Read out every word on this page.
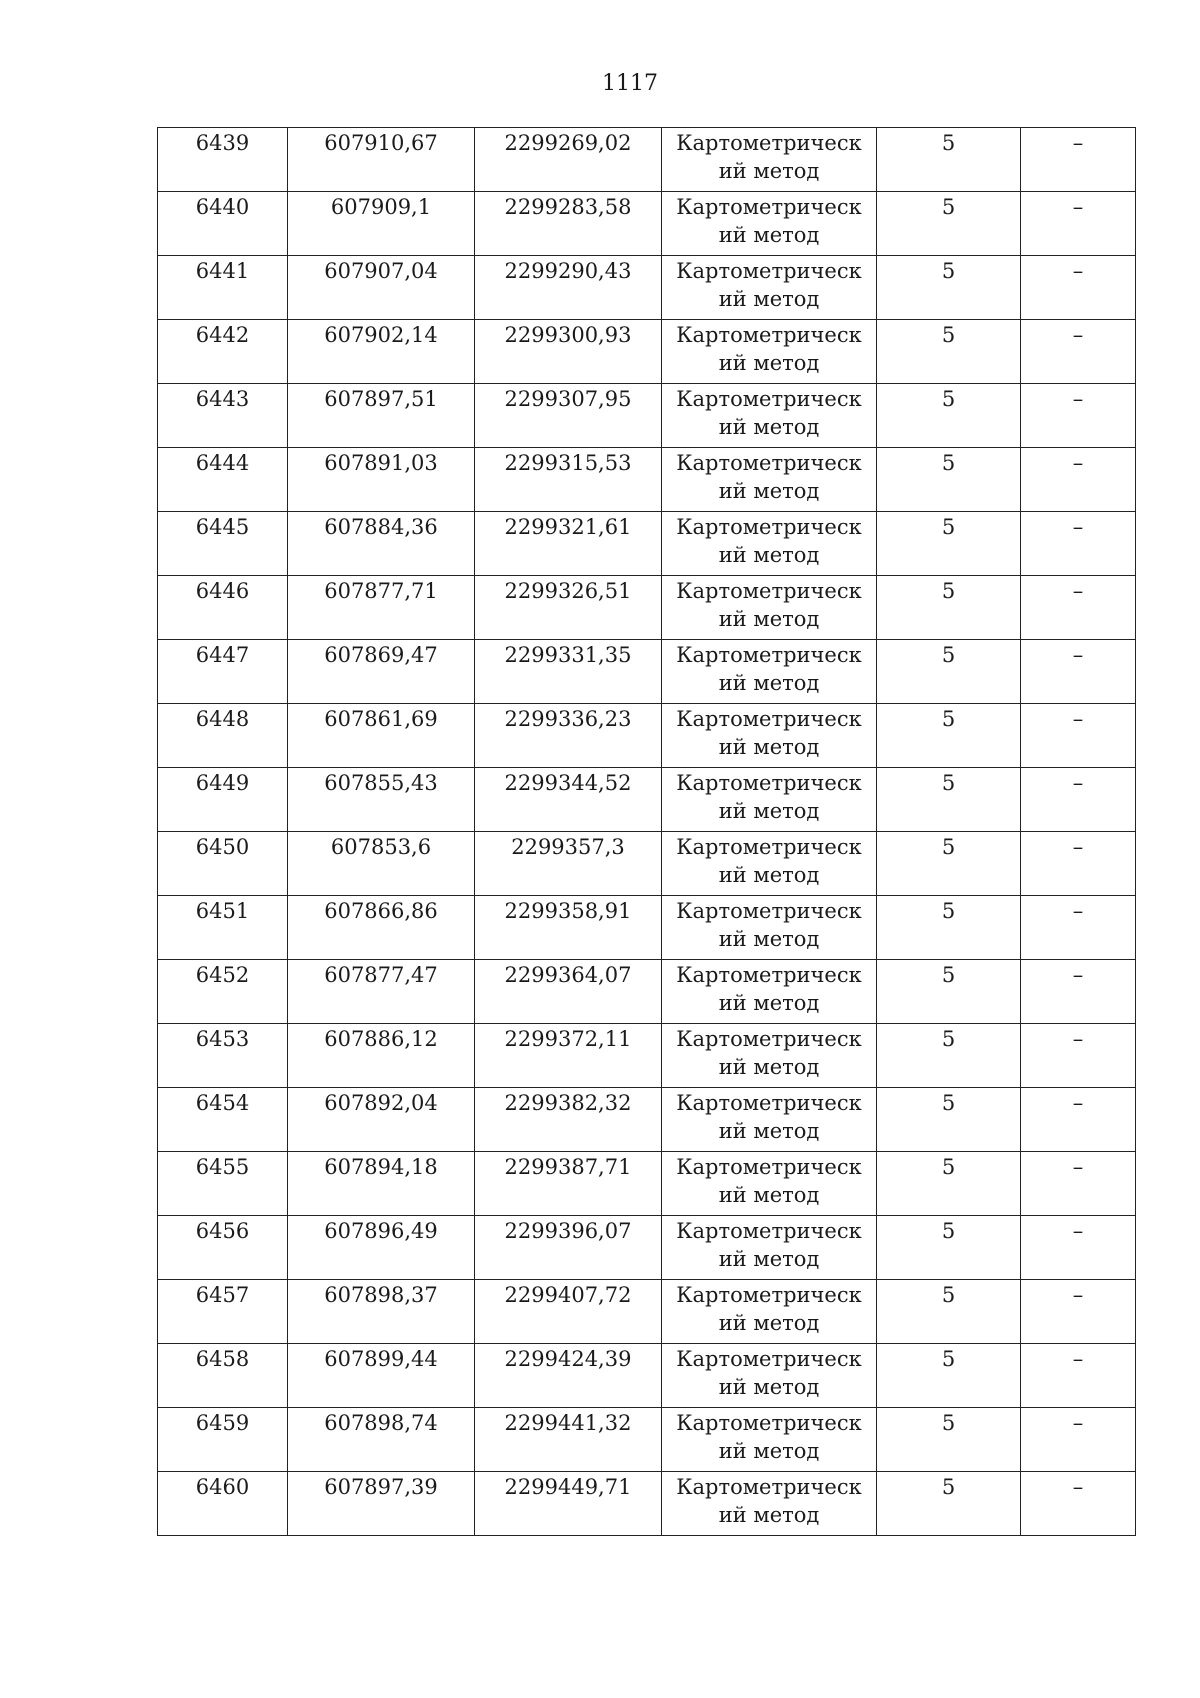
1117
6439	607910,67	2299269,02	Картометрический метод	5	–
6440	607909,1	2299283,58	Картометрический метод	5	–
6441	607907,04	2299290,43	Картометрический метод	5	–
6442	607902,14	2299300,93	Картометрический метод	5	–
6443	607897,51	2299307,95	Картометрический метод	5	–
6444	607891,03	2299315,53	Картометрический метод	5	–
6445	607884,36	2299321,61	Картометрический метод	5	–
6446	607877,71	2299326,51	Картометрический метод	5	–
6447	607869,47	2299331,35	Картометрический метод	5	–
6448	607861,69	2299336,23	Картометрический метод	5	–
6449	607855,43	2299344,52	Картометрический метод	5	–
6450	607853,6	2299357,3	Картометрический метод	5	–
6451	607866,86	2299358,91	Картометрический метод	5	–
6452	607877,47	2299364,07	Картометрический метод	5	–
6453	607886,12	2299372,11	Картометрический метод	5	–
6454	607892,04	2299382,32	Картометрический метод	5	–
6455	607894,18	2299387,71	Картометрический метод	5	–
6456	607896,49	2299396,07	Картометрический метод	5	–
6457	607898,37	2299407,72	Картометрический метод	5	–
6458	607899,44	2299424,39	Картометрический метод	5	–
6459	607898,74	2299441,32	Картометрический метод	5	–
6460	607897,39	2299449,71	Картометрический метод	5	–
